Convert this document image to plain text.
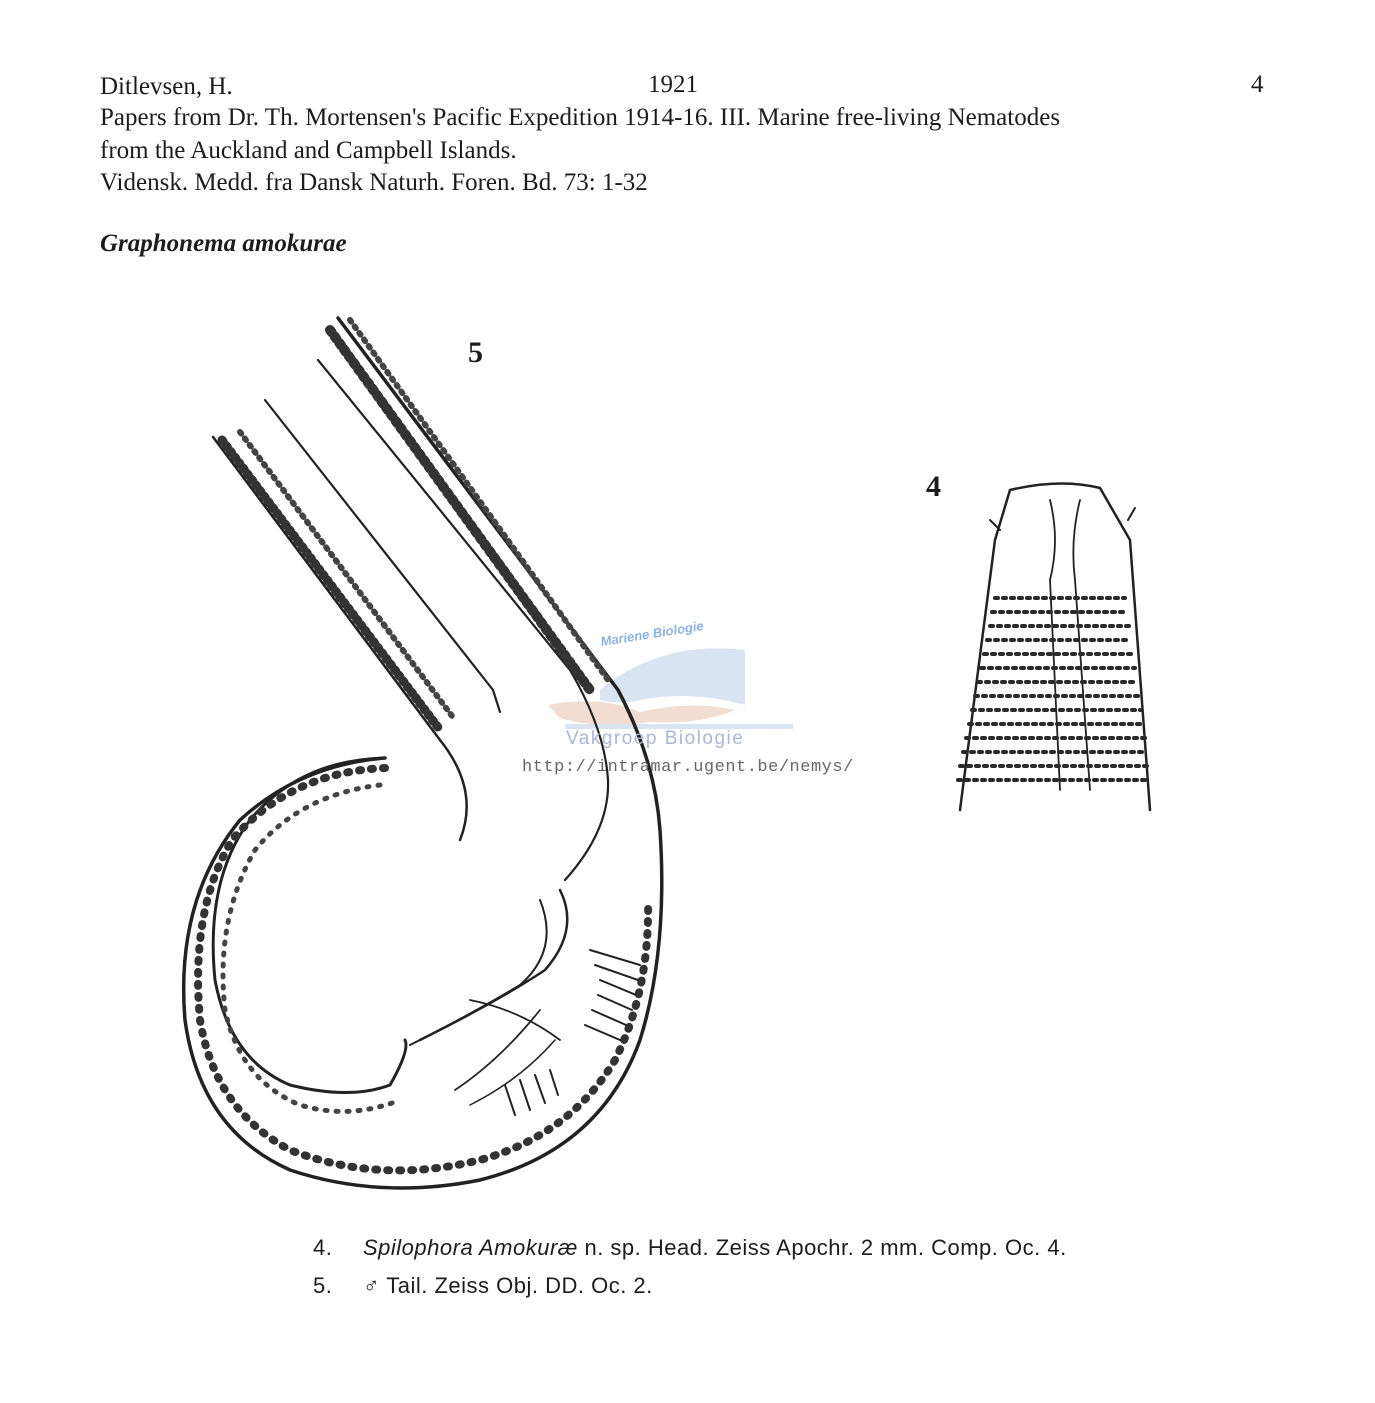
Ditlevsen, H.	1921	4
Papers from Dr. Th. Mortensen's Pacific Expedition 1914-16. III. Marine free-living Nematodes
from the Auckland and Campbell Islands.
Vidensk. Medd. fra Dansk Naturh. Foren. Bd. 73: 1-32
Graphonema amokurae
5
4
Mariene Biologie
Vakgroep Biologie
http://intramar.ugent.be/nemys/
4. Spilophora Amokuræ n. sp. Head. Zeiss Apochr. 2 mm. Comp. Oc. 4.
5. ♂ Tail. Zeiss Obj. DD. Oc. 2.
